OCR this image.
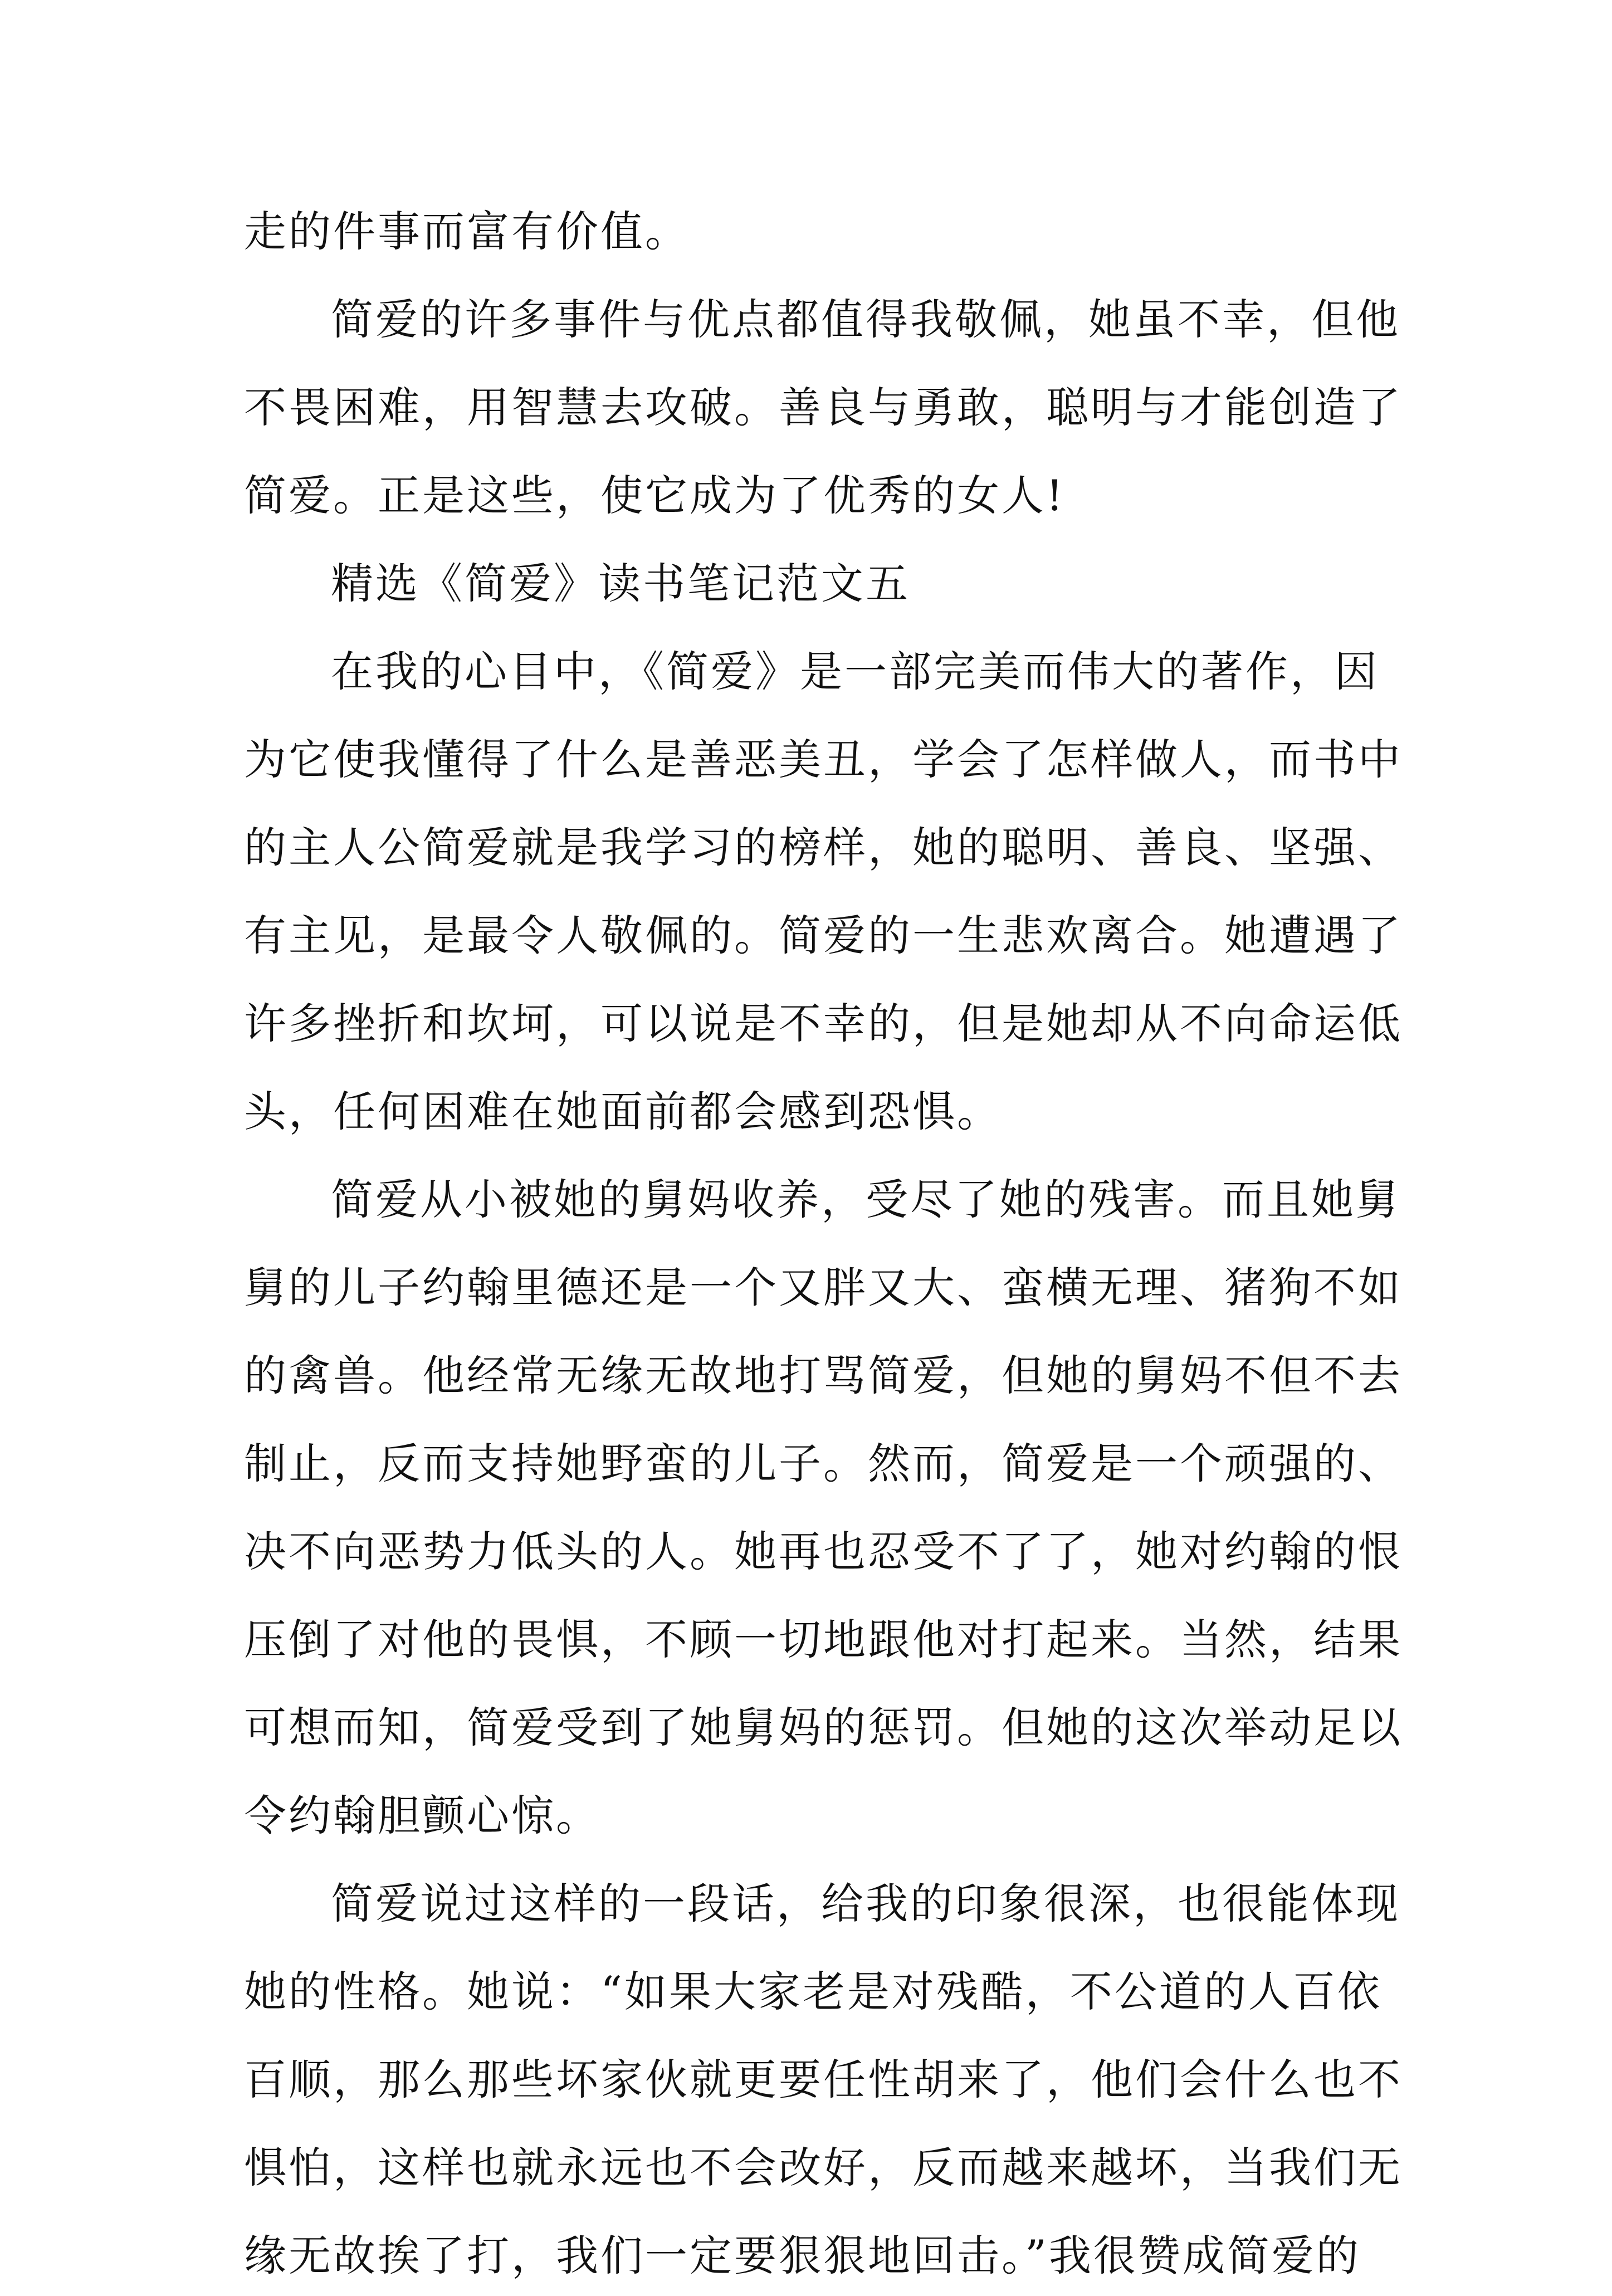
走的件事而富有价值。
简爱的许多事件与优点都值得我敬佩，她虽不幸，但他
不畏困难，用智慧去攻破。善良与勇敢，聪明与才能创造了
简爱。正是这些，使它成为了优秀的女人!
精选《简爱》读书笔记范文五
在我的心目中，《简爱》是一部完美而伟大的著作，因
为它使我懂得了什么是善恶美丑，学会了怎样做人，而书中
的主人公简爱就是我学习的榜样，她的聪明、善良、坚强、
有主见，是最令人敬佩的。简爱的一生悲欢离合。她遭遇了
许多挫折和坎坷，可以说是不幸的，但是她却从不向命运低
头，任何困难在她面前都会感到恐惧。
简爱从小被她的舅妈收养，受尽了她的残害。而且她舅
舅的儿子约翰里德还是一个又胖又大、蛮横无理、猪狗不如
的禽兽。他经常无缘无故地打骂简爱，但她的舅妈不但不去
制止，反而支持她野蛮的儿子。然而，简爱是一个顽强的、
决不向恶势力低头的人。她再也忍受不了了，她对约翰的恨
压倒了对他的畏惧，不顾一切地跟他对打起来。当然，结果
可想而知，简爱受到了她舅妈的惩罚。但她的这次举动足以
令约翰胆颤心惊。
简爱说过这样的一段话，给我的印象很深，也很能体现
她的性格。她说：“如果大家老是对残酷，不公道的人百依
百顺，那么那些坏家伙就更要任性胡来了，他们会什么也不
惧怕，这样也就永远也不会改好，反而越来越坏，当我们无
缘无故挨了打，我们一定要狠狠地回击。”我很赞成简爱的
